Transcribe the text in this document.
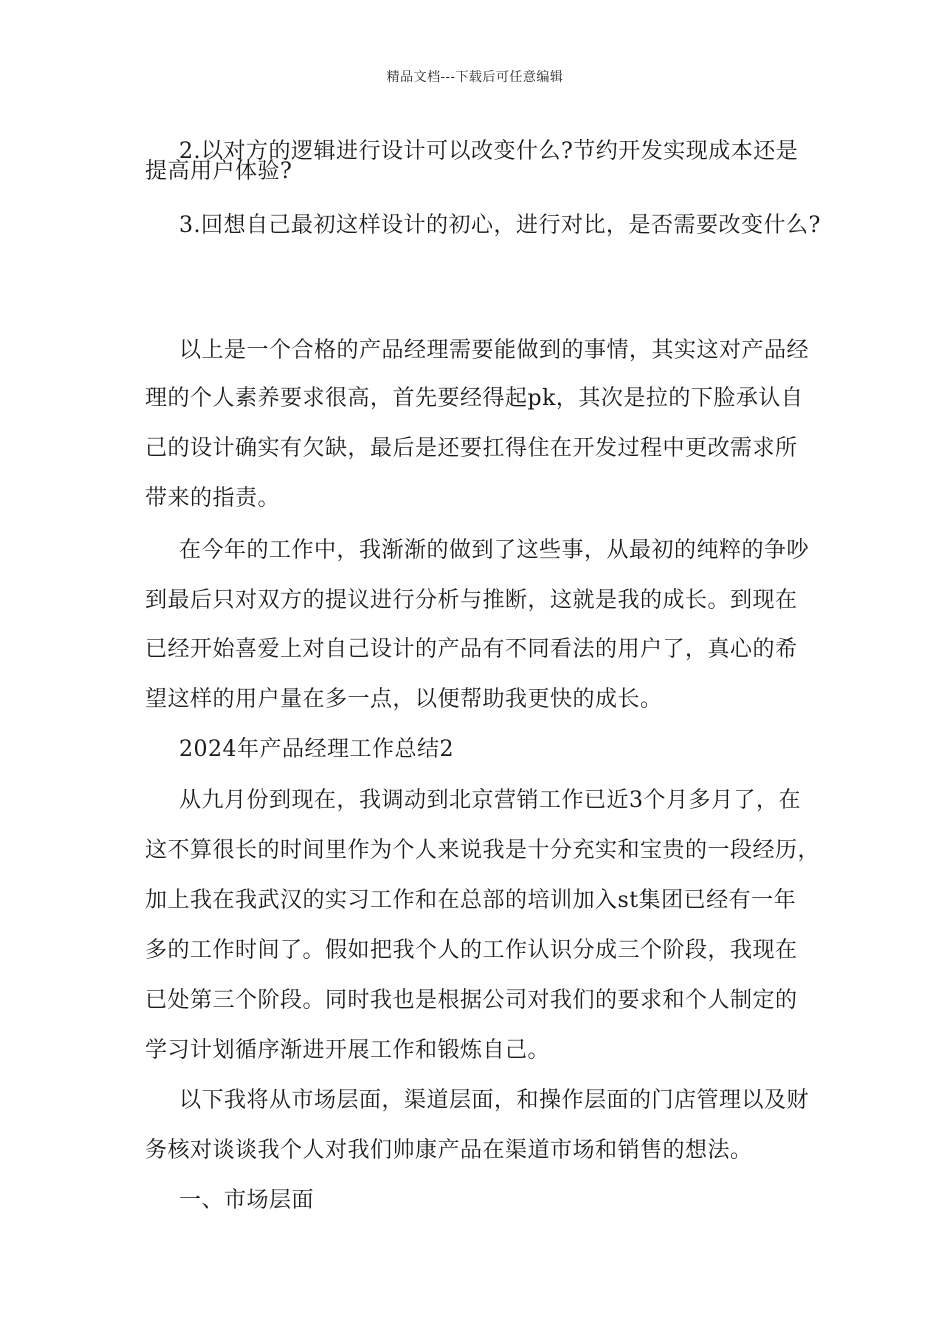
精品文档---下载后可任意编辑
2.以对方的逻辑进行设计可以改变什么?节约开发实现成本还是
提高用户体验?
3.回想自己最初这样设计的初心，进行对比，是否需要改变什么?
以上是一个合格的产品经理需要能做到的事情，其实这对产品经
理的个人素养要求很高，首先要经得起pk，其次是拉的下脸承认自
己的设计确实有欠缺，最后是还要扛得住在开发过程中更改需求所
带来的指责。
在今年的工作中，我渐渐的做到了这些事，从最初的纯粹的争吵
到最后只对双方的提议进行分析与推断，这就是我的成长。到现在
已经开始喜爱上对自己设计的产品有不同看法的用户了，真心的希
望这样的用户量在多一点，以便帮助我更快的成长。
2024年产品经理工作总结2
从九月份到现在，我调动到北京营销工作已近3个月多月了，在
这不算很长的时间里作为个人来说我是十分充实和宝贵的一段经历，
加上我在我武汉的实习工作和在总部的培训加入st集团已经有一年
多的工作时间了。假如把我个人的工作认识分成三个阶段，我现在
已处第三个阶段。同时我也是根据公司对我们的要求和个人制定的
学习计划循序渐进开展工作和锻炼自己。
以下我将从市场层面，渠道层面，和操作层面的门店管理以及财
务核对谈谈我个人对我们帅康产品在渠道市场和销售的想法。
一、市场层面
